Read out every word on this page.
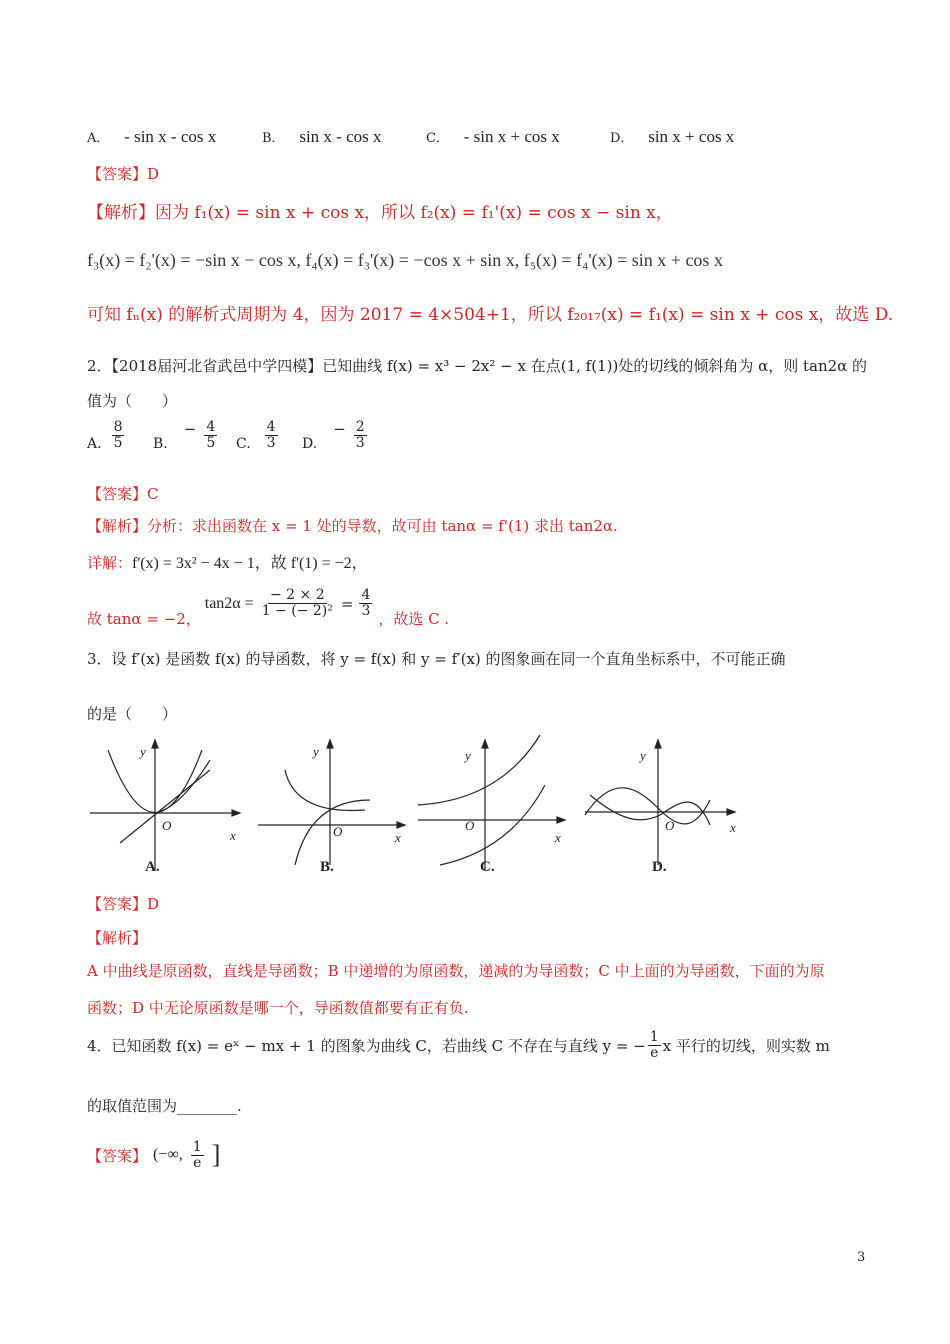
A． - sin x - cos x	B． sin x - cos x	C． - sin x + cos x	D． sin x + cos x
【答案】D
【解析】因为 f₁(x) = sin x + cos x，所以 f₂(x) = f₁'(x) = cos x − sin x，
f₃(x) = f₂'(x) = −sin x − cos x, f₄(x) = f₃'(x) = −cos x + sin x, f₅(x) = f₄'(x) = sin x + cos x
可知 fₙ(x) 的解析式周期为 4，因为 2017 = 4×504+1，所以 f₂₀₁₇(x) = f₁(x) = sin x + cos x，故选 D.
2．【2018届河北省武邑中学四模】已知曲线 f(x) = x³ − 2x² − x 在点(1, f(1))处的切线的倾斜角为 α，则 tan2α 的
值为（　　）
A. $\frac{8}{5} B$.
− $\frac{4}{5} C$. $\frac{4}{3} D$.
− $\frac{2}{3}$
【答案】C
【解析】分析：求出函数在 x = 1 处的导数，故可由 tanα = f'(1) 求出 tan2α.
详解：f'(x) = 3x² − 4x − 1，故 f'(1) = −2，
故 tanα = −2，
$\tan 2\alpha = \frac{- 2 \times 2}{\text{1 − (− 2)²}} = \frac{4}{3}$
，故选 C .
3．设 f′(x) 是函数 f(x) 的导函数，将 y = f(x) 和 y = f′(x) 的图象画在同一个直角坐标系中，不可能正确
的是（　　）
y
x
O
A.
y
x
O
B.
y
x
O
C.
y
x
O
D.
【答案】D
【解析】
A 中曲线是原函数，直线是导函数；B 中递增的为原函数，递减的为导函数；C 中上面的为导函数，下面的为原
函数；D 中无论原函数是哪一个，导函数值都要有正有负.
4．已知函数 f(x) = eˣ − mx + 1 的图象为曲线 C，若曲线 C 不存在与直线 y = − $\frac{1}{e}$ x 平行的切线，则实数 m
的取值范围为________.
【答案】 (−∞, $\frac{1}{e}$ ]
3
